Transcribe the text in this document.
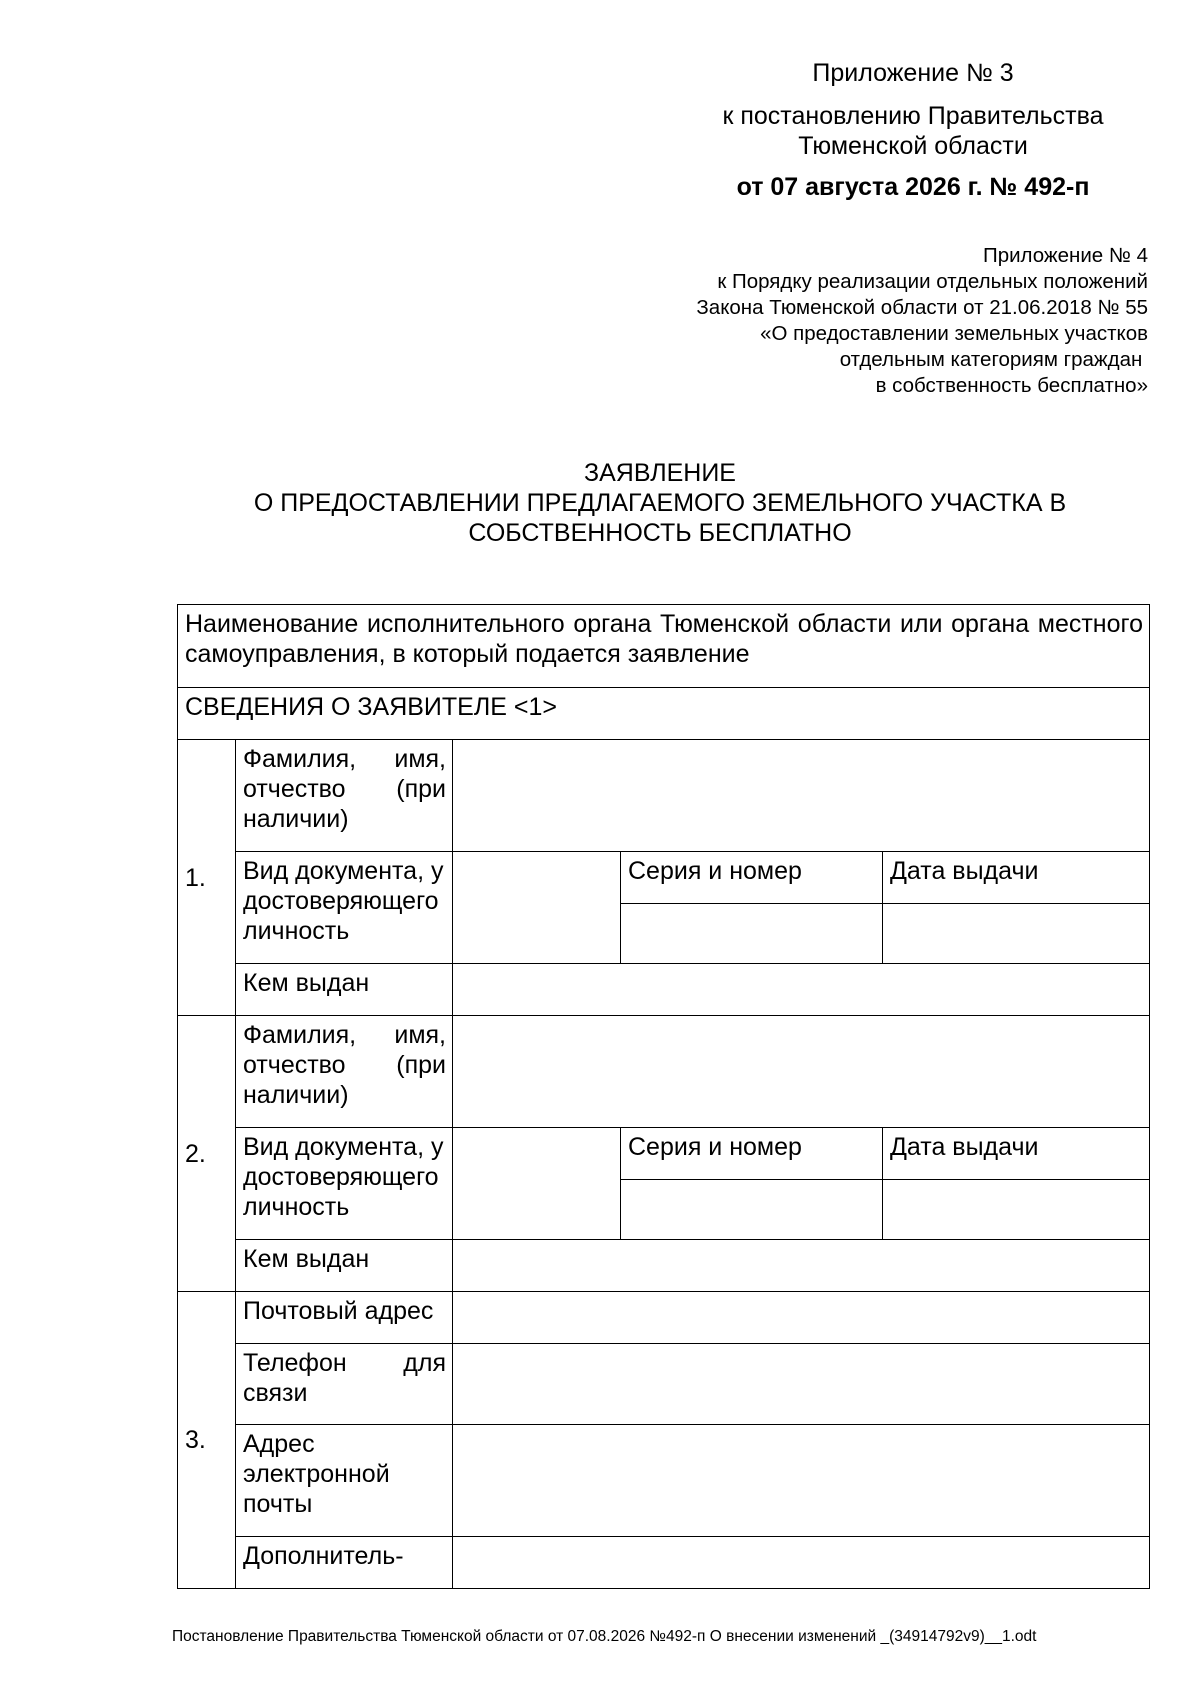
Приложение № 3
к постановлению Правительства
Тюменской области
от 07 августа 2026 г. № 492-п
Приложение № 4
к Порядку реализации отдельных положений
Закона Тюменской области от 21.06.2018 № 55
«О предоставлении земельных участков
отдельным категориям граждан
в собственность бесплатно»
ЗАЯВЛЕНИЕ
О ПРЕДОСТАВЛЕНИИ ПРЕДЛАГАЕМОГО ЗЕМЕЛЬНОГО УЧАСТКА В
СОБСТВЕННОСТЬ БЕСПЛАТНО
Наименование исполнительного органа Тюменской области или органа местного самоуправления, в который подается заявление				
СВЕДЕНИЯ О ЗАЯВИТЕЛЕ <1>				
1.	Фамилия, имя, отчество (при наличии)			
	Вид документа, удостоверяющего личность		Серия и номер	Дата выдачи

	Кем выдан			
2.	Фамилия, имя, отчество (при наличии)			
	Вид документа, удостоверяющего личность		Серия и номер	Дата выдачи

	Кем выдан			
3.	Почтовый адрес			
	Телефон для связи			
	Адрес электронной почты			
	Дополнитель-			
Постановление Правительства Тюменской области от 07.08.2026 №492-п О внесении изменений _(34914792v9)__1.odt
